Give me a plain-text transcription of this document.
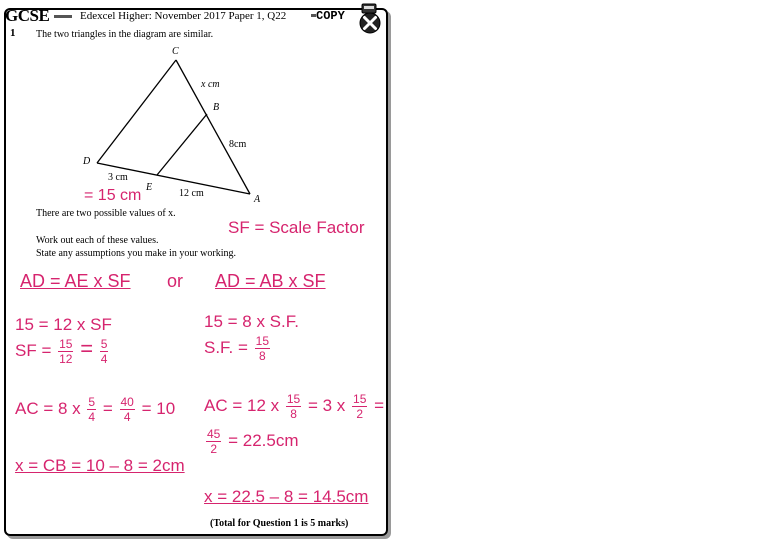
GCSE	Edexcel Higher: November 2017 Paper 1, Q22 COPY
1 The two triangles in the diagram are similar.
C
x cm
B
8cm
D
3 cm
E
12 cm
A
= 15 cm
There are two possible values of x.
SF = Scale Factor
Work out each of these values.
State any assumptions you make in your working.
AD = AE x SF or AD = AB x SF
15 = 12 x SF
SF = $\frac{15}{12} = \frac{5}{4}$
AC = 8 x $\frac{5}{4} = \frac{40}{4} = 10$
x = CB = 10 – 8 = 2cm
15 = 8 x S.F.
S.F. = $\frac{15}{8}$
AC = 12 x $\frac{15}{8} = 3$ x $\frac{15}{2}$ =
$\frac{45}{2} = 22.5cm$
x = 22.5 – 8 = 14.5cm
(Total for Question 1 is 5 marks)
